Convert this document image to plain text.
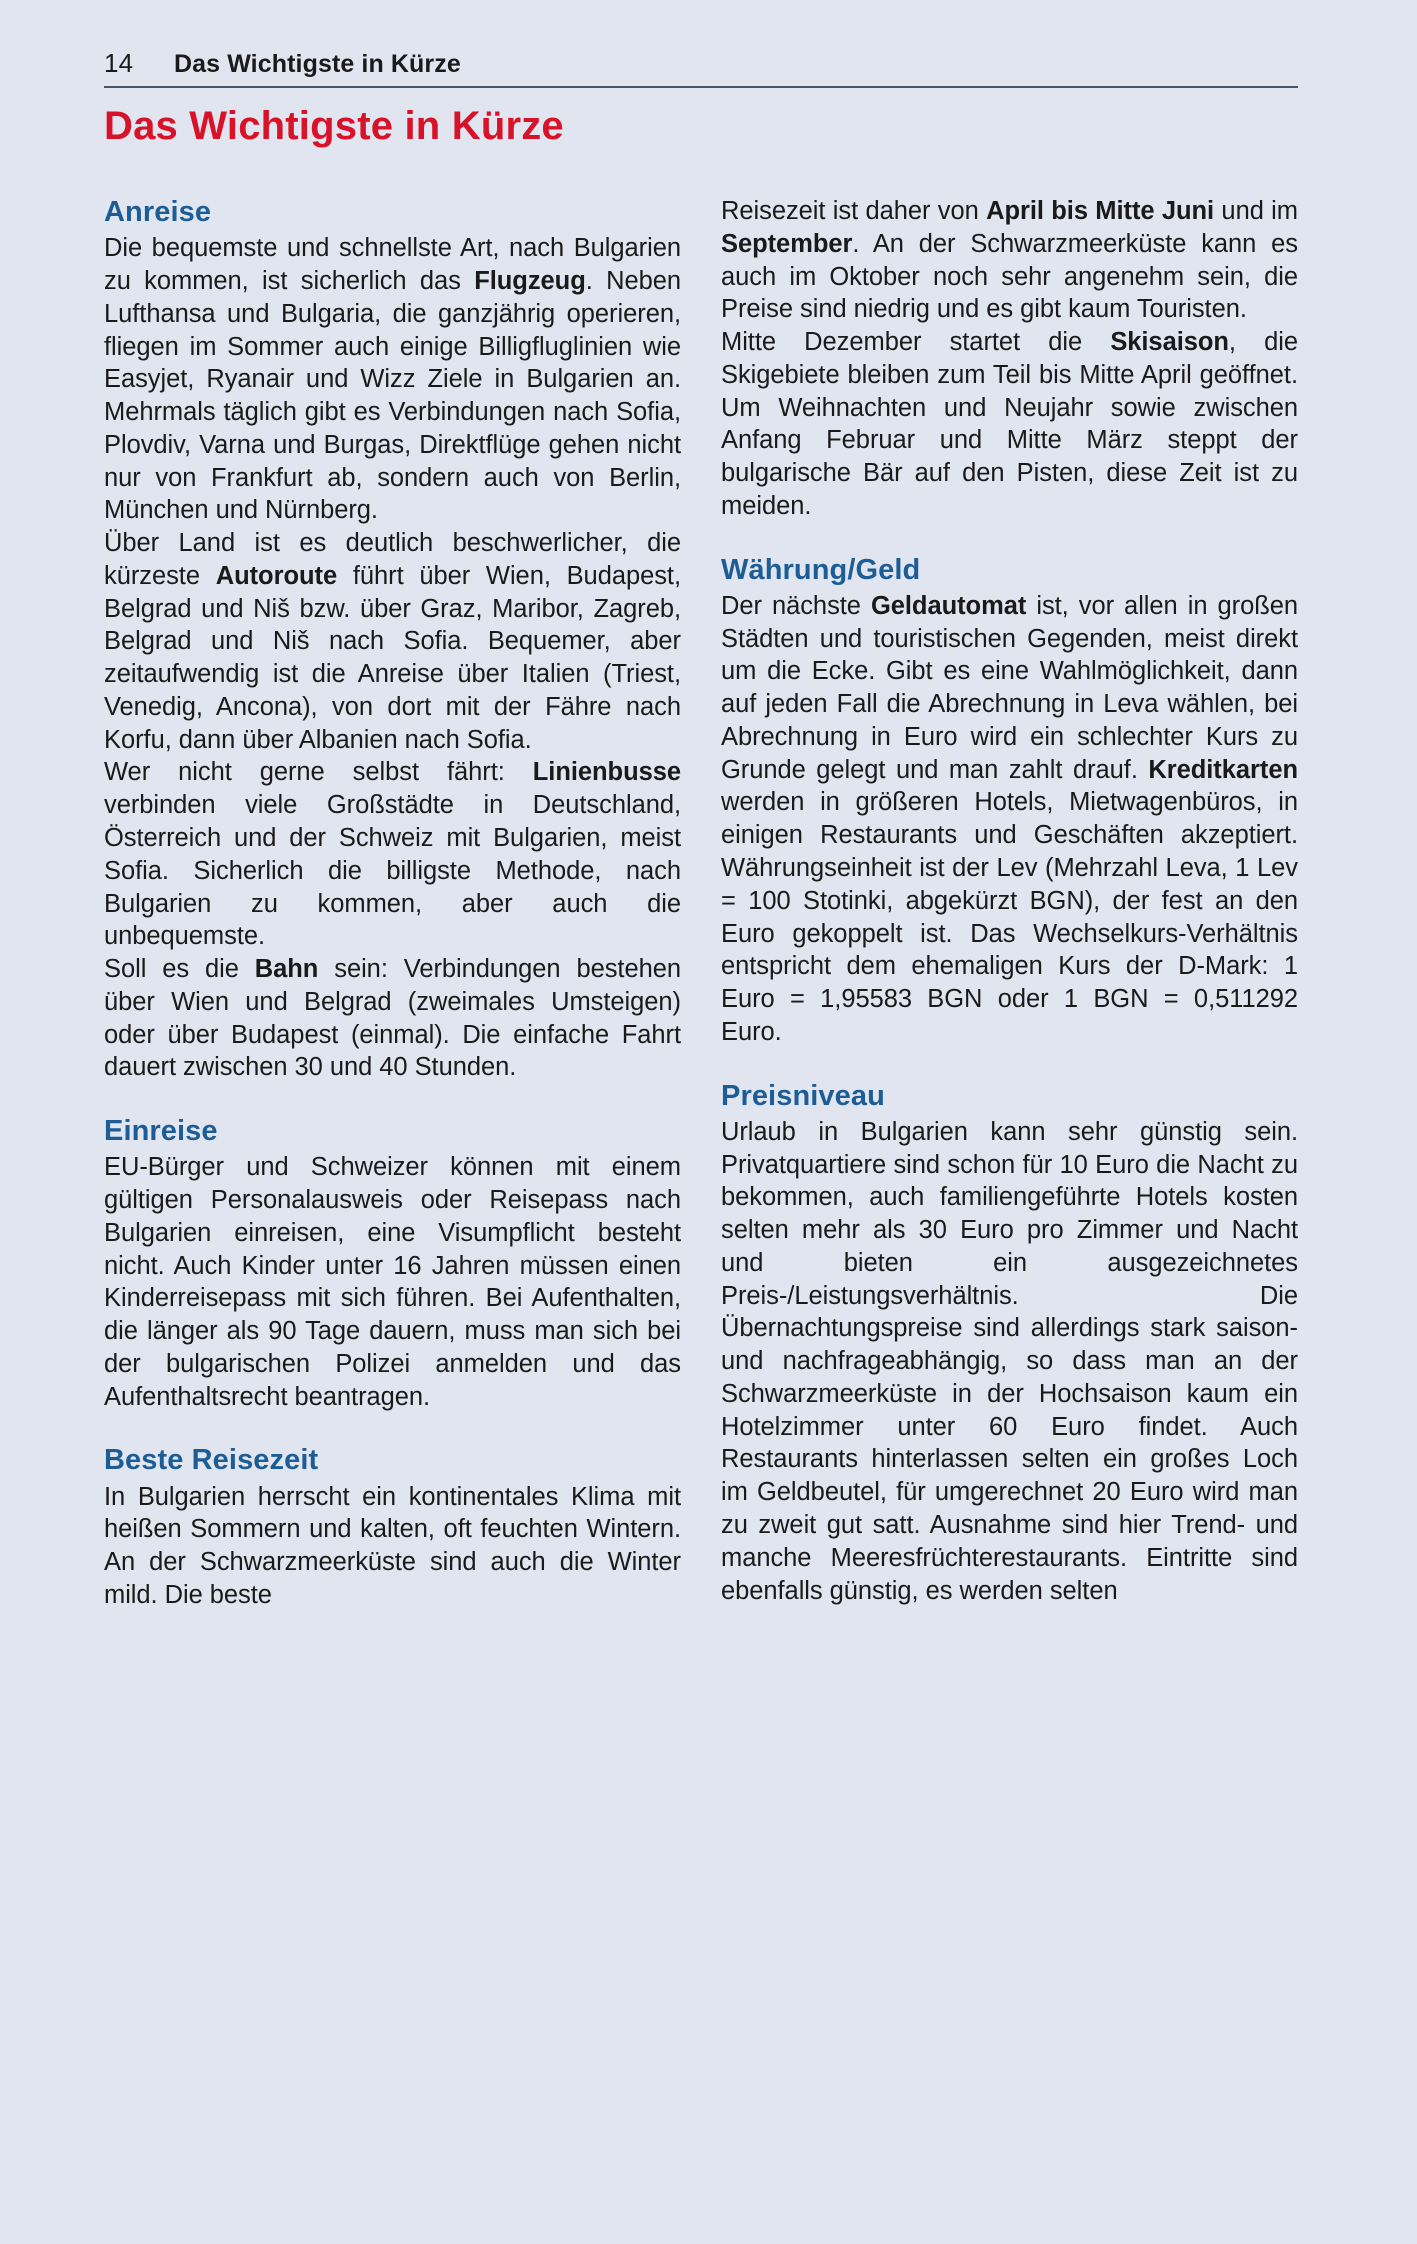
14	Das Wichtigste in Kürze
Das Wichtigste in Kürze
Anreise

Die bequemste und schnellste Art, nach Bulgarien zu kommen, ist sicherlich das Flugzeug. Neben Lufthansa und Bulgaria, die ganzjährig operieren, fliegen im Sommer auch einige Billigfluglinien wie Easyjet, Ryanair und Wizz Ziele in Bulgarien an. Mehrmals täglich gibt es Verbindungen nach Sofia, Plovdiv, Varna und Burgas, Direktflüge gehen nicht nur von Frankfurt ab, sondern auch von Berlin, München und Nürnberg.

Über Land ist es deutlich beschwerlicher, die kürzeste Autoroute führt über Wien, Budapest, Belgrad und Niš bzw. über Graz, Maribor, Zagreb, Belgrad und Niš nach Sofia. Bequemer, aber zeitaufwendig ist die Anreise über Italien (Triest, Venedig, Ancona), von dort mit der Fähre nach Korfu, dann über Albanien nach Sofia.

Wer nicht gerne selbst fährt: Linienbusse verbinden viele Großstädte in Deutschland, Österreich und der Schweiz mit Bulgarien, meist Sofia. Sicherlich die billigste Methode, nach Bulgarien zu kommen, aber auch die unbequemste.

Soll es die Bahn sein: Verbindungen bestehen über Wien und Belgrad (zweimales Umsteigen) oder über Budapest (einmal). Die einfache Fahrt dauert zwischen 30 und 40 Stunden.

Einreise

EU-Bürger und Schweizer können mit einem gültigen Personalausweis oder Reisepass nach Bulgarien einreisen, eine Visumpflicht besteht nicht. Auch Kinder unter 16 Jahren müssen einen Kinderreisepass mit sich führen. Bei Aufenthalten, die länger als 90 Tage dauern, muss man sich bei der bulgarischen Polizei anmelden und das Aufenthaltsrecht beantragen.

Beste Reisezeit

In Bulgarien herrscht ein kontinentales Klima mit heißen Sommern und kalten, oft feuchten Wintern. An der Schwarzmeerküste sind auch die Winter mild. Die beste

Reisezeit ist daher von April bis Mitte Juni und im September. An der Schwarzmeerküste kann es auch im Oktober noch sehr angenehm sein, die Preise sind niedrig und es gibt kaum Touristen.

Mitte Dezember startet die Skisaison, die Skigebiete bleiben zum Teil bis Mitte April geöffnet. Um Weihnachten und Neujahr sowie zwischen Anfang Februar und Mitte März steppt der bulgarische Bär auf den Pisten, diese Zeit ist zu meiden.

Währung/Geld

Der nächste Geldautomat ist, vor allen in großen Städten und touristischen Gegenden, meist direkt um die Ecke. Gibt es eine Wahlmöglichkeit, dann auf jeden Fall die Abrechnung in Leva wählen, bei Abrechnung in Euro wird ein schlechter Kurs zu Grunde gelegt und man zahlt drauf. Kreditkarten werden in größeren Hotels, Mietwagenbüros, in einigen Restaurants und Geschäften akzeptiert. Währungseinheit ist der Lev (Mehrzahl Leva, 1 Lev = 100 Stotinki, abgekürzt BGN), der fest an den Euro gekoppelt ist. Das Wechselkurs-Verhältnis entspricht dem ehemaligen Kurs der D-Mark: 1 Euro = 1,95583 BGN oder 1 BGN = 0,511292 Euro.

Preisniveau

Urlaub in Bulgarien kann sehr günstig sein. Privatquartiere sind schon für 10 Euro die Nacht zu bekommen, auch familiengeführte Hotels kosten selten mehr als 30 Euro pro Zimmer und Nacht und bieten ein ausgezeichnetes Preis-/Leistungsverhältnis. Die Übernachtungspreise sind allerdings stark saison- und nachfrageabhängig, so dass man an der Schwarzmeerküste in der Hochsaison kaum ein Hotelzimmer unter 60 Euro findet. Auch Restaurants hinterlassen selten ein großes Loch im Geldbeutel, für umgerechnet 20 Euro wird man zu zweit gut satt. Ausnahme sind hier Trend- und manche Meeresfrüchterestaurants. Eintritte sind ebenfalls günstig, es werden selten
